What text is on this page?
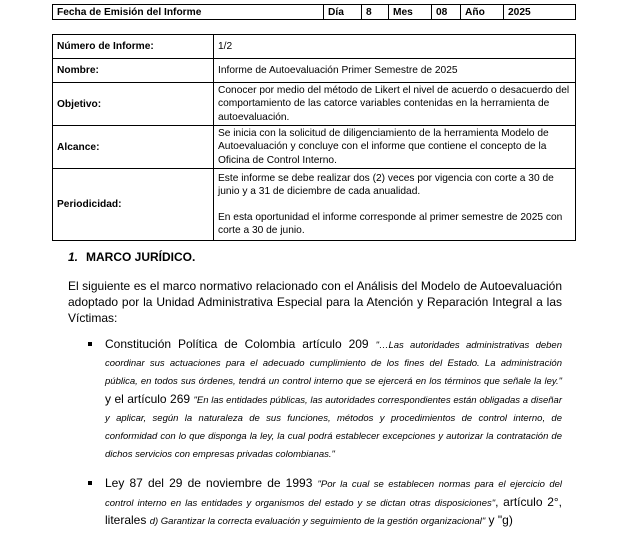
Fecha de Emisión del Informe	Día	8	Mes	08	Año	2025
Número de Informe:	1/2
Nombre:	Informe de Autoevaluación Primer Semestre de 2025
Objetivo:	Conocer por medio del método de Likert el nivel de acuerdo o desacuerdo del comportamiento de las catorce variables contenidas en la herramienta de autoevaluación.
Alcance:	Se inicia con la solicitud de diligenciamiento de la herramienta Modelo de Autoevaluación y concluye con el informe que contiene el concepto de la Oficina de Control Interno.
Periodicidad:	Este informe se debe realizar dos (2) veces por vigencia con corte a 30 de junio y a 31 de diciembre de cada anualidad.
En esta oportunidad el informe corresponde al primer semestre de 2025 con corte a 30 de junio.
1. MARCO JURÍDICO.
El siguiente es el marco normativo relacionado con el Análisis del Modelo de Autoevaluación adoptado por la Unidad Administrativa Especial para la Atención y Reparación Integral a las Víctimas:
Constitución Política de Colombia artículo 209 "…Las autoridades administrativas deben coordinar sus actuaciones para el adecuado cumplimiento de los fines del Estado. La administración pública, en todos sus órdenes, tendrá un control interno que se ejercerá en los términos que señale la ley." y el artículo 269 "En las entidades públicas, las autoridades correspondientes están obligadas a diseñar y aplicar, según la naturaleza de sus funciones, métodos y procedimientos de control interno, de conformidad con lo que disponga la ley, la cual podrá establecer excepciones y autorizar la contratación de dichos servicios con empresas privadas colombianas."
Ley 87 del 29 de noviembre de 1993 "Por la cual se establecen normas para el ejercicio del control interno en las entidades y organismos del estado y se dictan otras disposiciones", artículo 2°, literales d) Garantizar la correcta evaluación y seguimiento de la gestión organizacional" y "g)
